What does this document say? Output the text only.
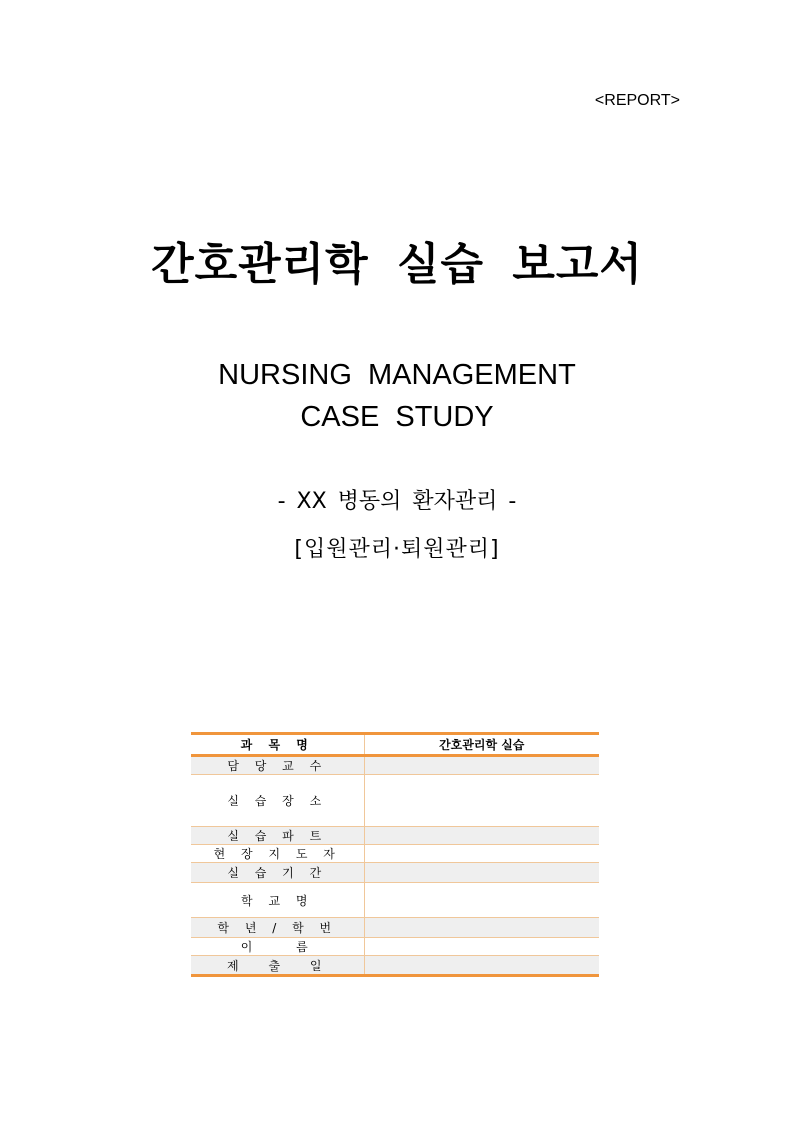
<REPORT>
간호관리학 실습 보고서
NURSING MANAGEMENT
CASE STUDY
- XX 병동의 환자관리 -
[입원관리·퇴원관리]
과 목 명	간호관리학 실습
담 당 교 수	
실 습 장 소	
실 습 파 트	
현 장 지 도 자	
실 습 기 간	
학 교 명	
학 년 / 학 번	
이 름	
제 출 일	
